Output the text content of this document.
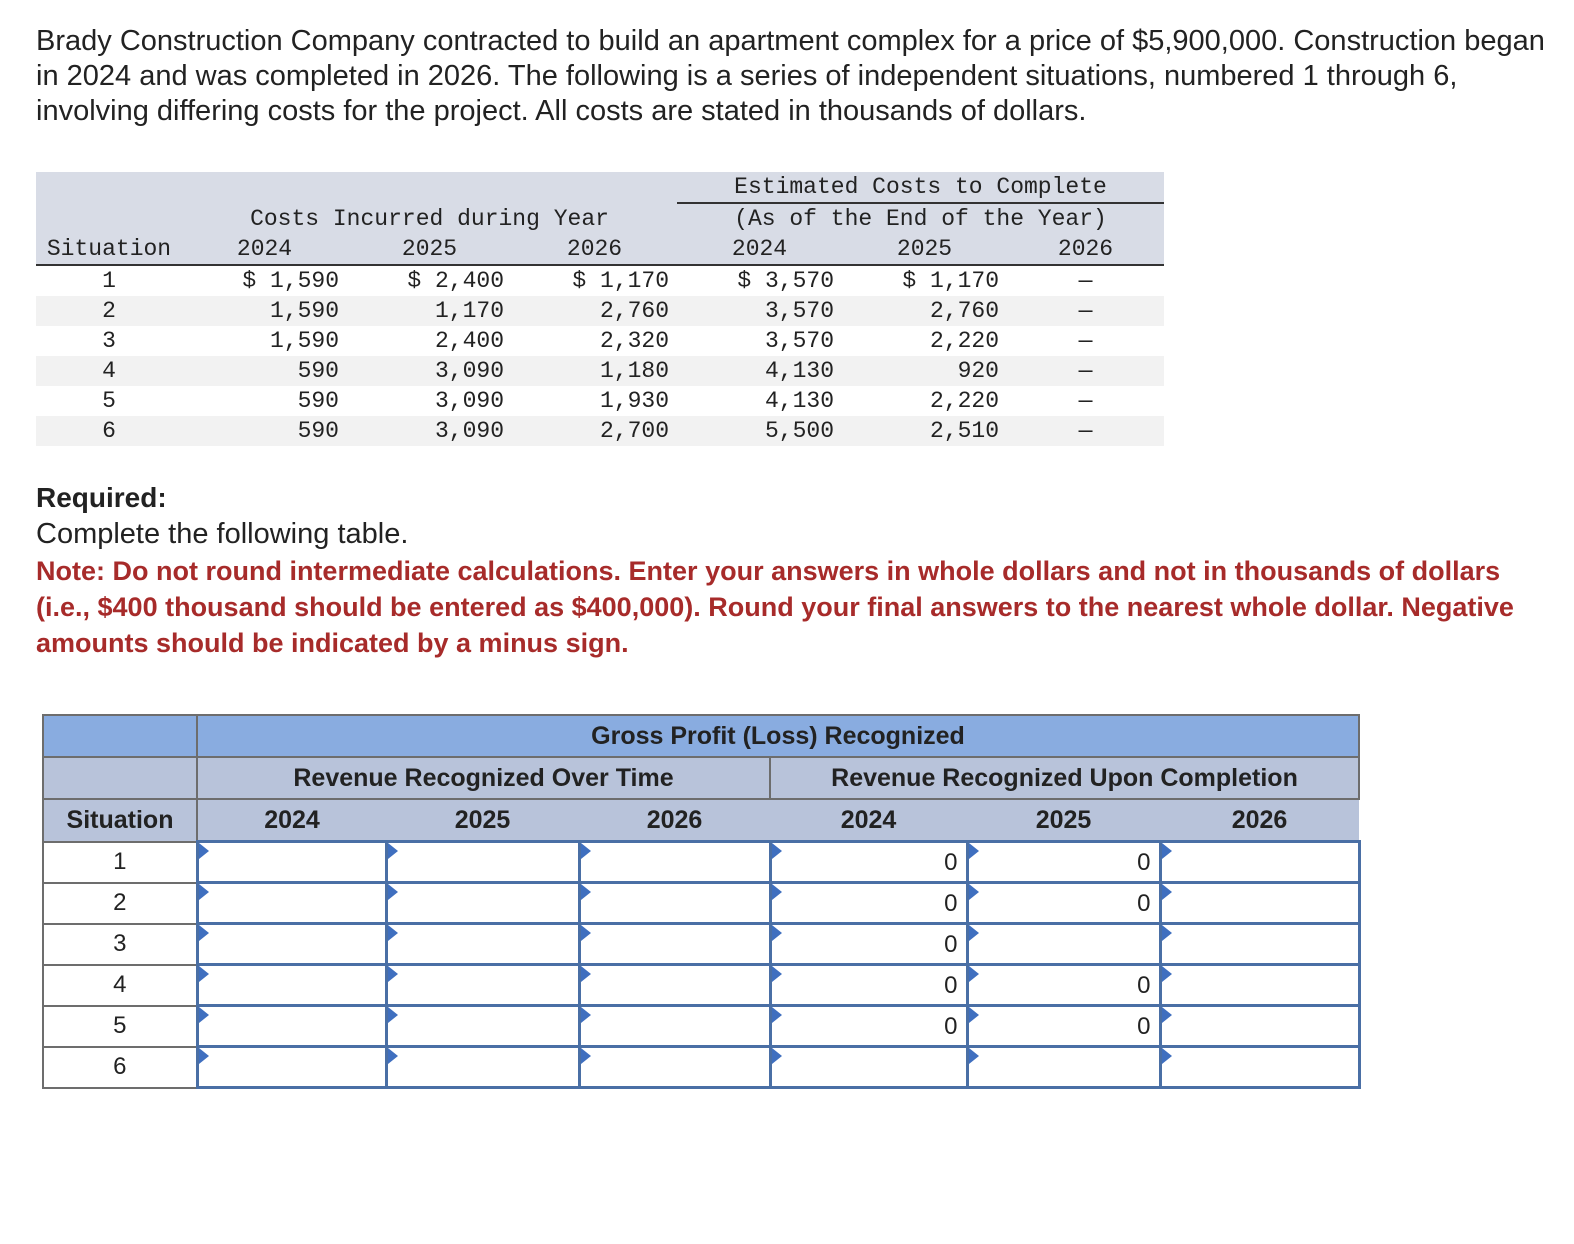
Brady Construction Company contracted to build an apartment complex for a price of $5,900,000. Construction began in 2024 and was completed in 2026. The following is a series of independent situations, numbered 1 through 6, involving differing costs for the project. All costs are stated in thousands of dollars.

				Estimated Costs to Complete		
	Costs Incurred during Year			(As of the End of the Year)		
Situation	2024	2025	2026	2024	2025	2026
1	$ 1,590	$ 2,400	$ 1,170	$ 3,570	$ 1,170	—
2	1,590	1,170	2,760	3,570	2,760	—
3	1,590	2,400	2,320	3,570	2,220	—
4	590	3,090	1,180	4,130	920	—
5	590	3,090	1,930	4,130	2,220	—
6	590	3,090	2,700	5,500	2,510	—
Required:
Complete the following table.

Note: Do not round intermediate calculations. Enter your answers in whole dollars and not in thousands of dollars (i.e., $400 thousand should be entered as $400,000). Round your final answers to the nearest whole dollar. Negative amounts should be indicated by a minus sign.

	Gross Profit (Loss) Recognized					
	Revenue Recognized Over Time			Revenue Recognized Upon Completion		
Situation	2024	2025	2026	2024	2025	2026
1				0	0	

2				0	0	

3				0		

4				0	0	

5				0	0	

6	
